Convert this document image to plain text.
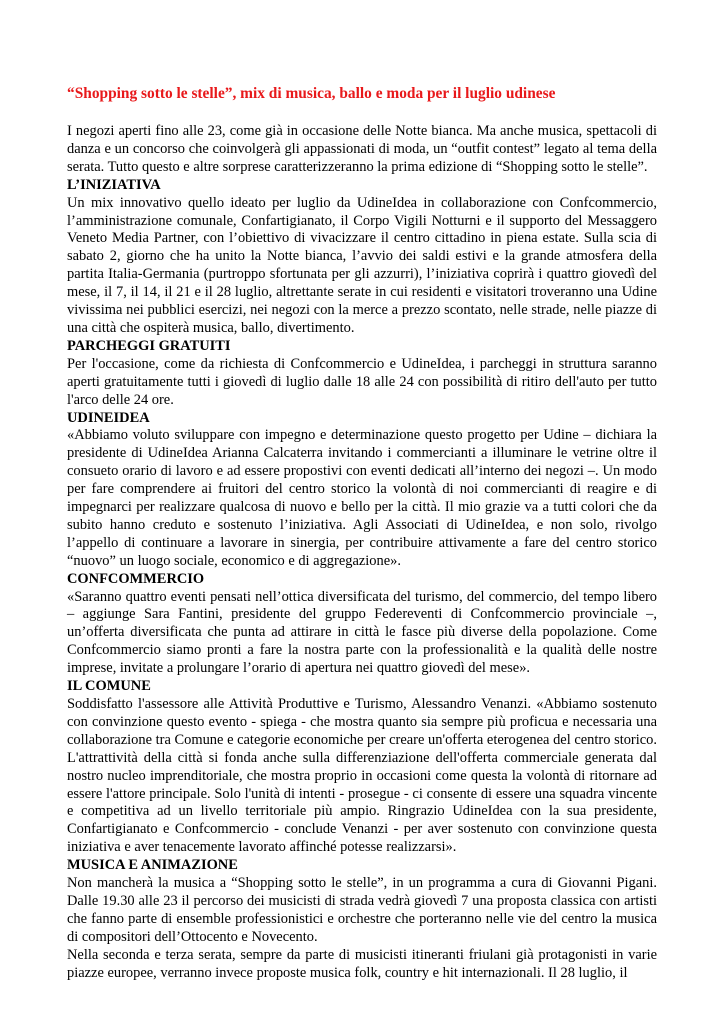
“Shopping sotto le stelle”, mix di musica, ballo e moda per il luglio udinese

I negozi aperti fino alle 23, come già in occasione delle Notte bianca. Ma anche musica, spettacoli di danza e un concorso che coinvolgerà gli appassionati di moda, un “outfit contest” legato al tema della serata. Tutto questo e altre sorprese caratterizzeranno la prima edizione di “Shopping sotto le stelle”.

L’INIZIATIVA

Un mix innovativo quello ideato per luglio da UdineIdea in collaborazione con Confcommercio, l’amministrazione comunale, Confartigianato, il Corpo Vigili Notturni e il supporto del Messaggero Veneto Media Partner, con l’obiettivo di vivacizzare il centro cittadino in piena estate. Sulla scia di sabato 2, giorno che ha unito la Notte bianca, l’avvio dei saldi estivi e la grande atmosfera della partita Italia-Germania (purtroppo sfortunata per gli azzurri), l’iniziativa coprirà i quattro giovedì del mese, il 7, il 14, il 21 e il 28 luglio, altrettante serate in cui residenti e visitatori troveranno una Udine vivissima nei pubblici esercizi, nei negozi con la merce a prezzo scontato, nelle strade, nelle piazze di una città che ospiterà musica, ballo, divertimento.

PARCHEGGI GRATUITI

Per l'occasione, come da richiesta di Confcommercio e UdineIdea, i parcheggi in struttura saranno aperti gratuitamente tutti i giovedì di luglio dalle 18 alle 24 con possibilità di ritiro dell'auto per tutto l'arco delle 24 ore.

UDINEIDEA

«Abbiamo voluto sviluppare con impegno e determinazione questo progetto per Udine – dichiara la presidente di UdineIdea Arianna Calcaterra invitando i commercianti a illuminare le vetrine oltre il consueto orario di lavoro e ad essere propostivi con eventi dedicati all’interno dei negozi –. Un modo per fare comprendere ai fruitori del centro storico la volontà di noi commercianti di reagire e di impegnarci per realizzare qualcosa di nuovo e bello per la città. Il mio grazie va a tutti colori che da subito hanno creduto e sostenuto l’iniziativa. Agli Associati di UdineIdea, e non solo, rivolgo l’appello di continuare a lavorare in sinergia, per contribuire attivamente a fare del centro storico “nuovo” un luogo sociale, economico e di aggregazione».

CONFCOMMERCIO

«Saranno quattro eventi pensati nell’ottica diversificata del turismo, del commercio, del tempo libero – aggiunge Sara Fantini, presidente del gruppo Federeventi di Confcommercio provinciale –, un’offerta diversificata che punta ad attirare in città le fasce più diverse della popolazione. Come Confcommercio siamo pronti a fare la nostra parte con la professionalità e la qualità delle nostre imprese, invitate a prolungare l’orario di apertura nei quattro giovedì del mese».

IL COMUNE

Soddisfatto l'assessore alle Attività Produttive e Turismo, Alessandro Venanzi. «Abbiamo sostenuto con convinzione questo evento - spiega - che mostra quanto sia sempre più proficua e necessaria una collaborazione tra Comune e categorie economiche per creare un'offerta eterogenea del centro storico. L'attrattività della città si fonda anche sulla differenziazione dell'offerta commerciale generata dal nostro nucleo imprenditoriale, che mostra proprio in occasioni come questa la volontà di ritornare ad essere l'attore principale. Solo l'unità di intenti - prosegue - ci consente di essere una squadra vincente e competitiva ad un livello territoriale più ampio. Ringrazio UdineIdea con la sua presidente, Confartigianato e Confcommercio - conclude Venanzi - per aver sostenuto con convinzione questa iniziativa e aver tenacemente lavorato affinché potesse realizzarsi».

MUSICA E ANIMAZIONE

Non mancherà la musica a “Shopping sotto le stelle”, in un programma a cura di Giovanni Pigani. Dalle 19.30 alle 23 il percorso dei musicisti di strada vedrà giovedì 7 una proposta classica con artisti che fanno parte di ensemble professionistici e orchestre che porteranno nelle vie del centro la musica di compositori dell’Ottocento e Novecento.

Nella seconda e terza serata, sempre da parte di musicisti itineranti friulani già protagonisti in varie piazze europee, verranno invece proposte musica folk, country e hit internazionali. Il 28 luglio, il
